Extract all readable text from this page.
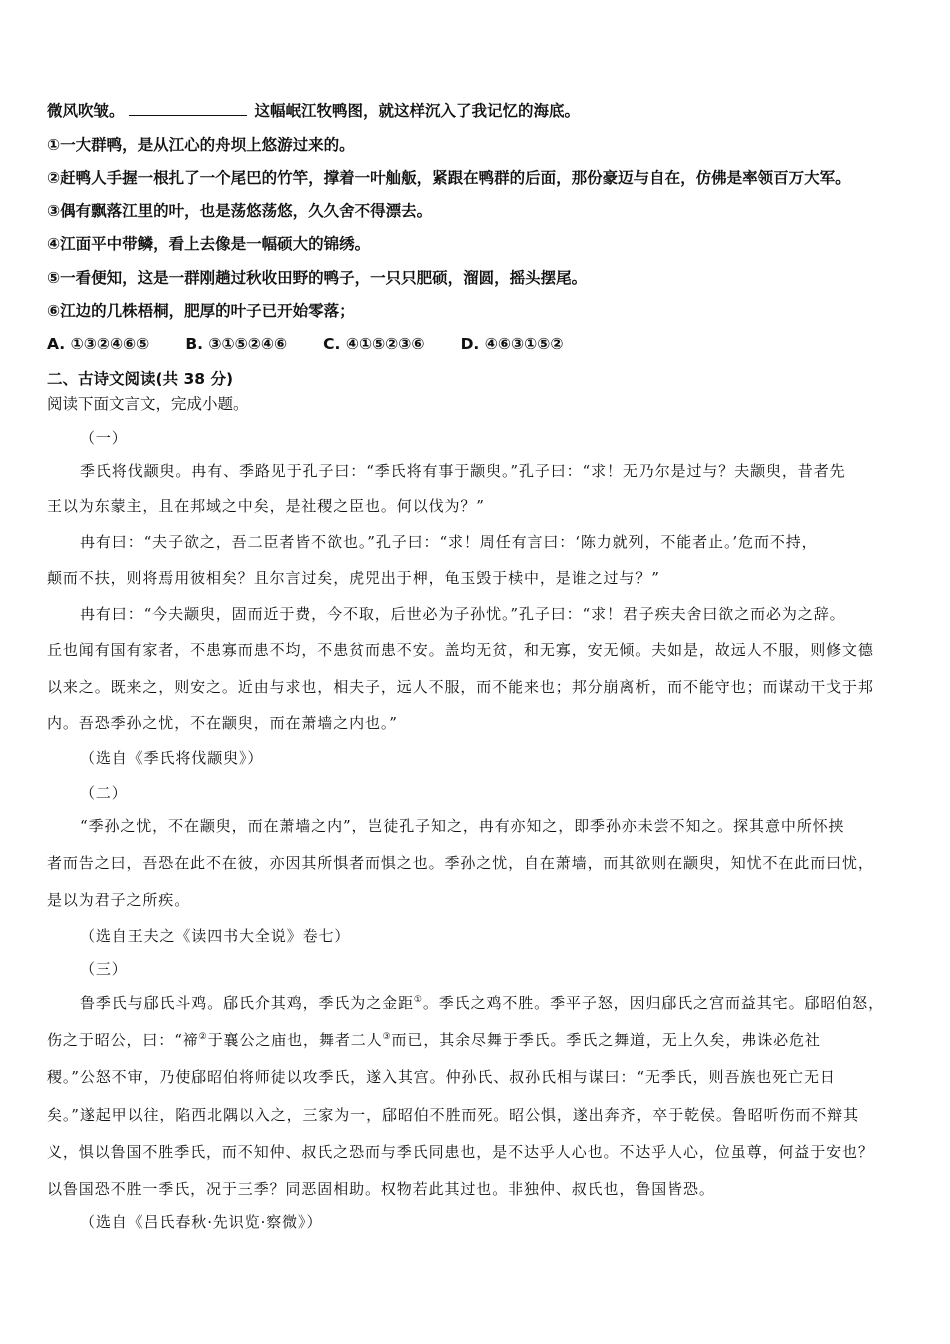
微风吹皱。	这幅岷江牧鸭图，就这样沉入了我记忆的海底。
①一大群鸭，是从江心的舟坝上悠游过来的。
②赶鸭人手握一根扎了一个尾巴的竹竿，撑着一叶舢舨，紧跟在鸭群的后面，那份豪迈与自在，仿佛是率领百万大军。
③偶有飘落江里的叶，也是荡悠荡悠，久久舍不得漂去。
④江面平中带鳞，看上去像是一幅硕大的锦绣。
⑤一看便知，这是一群刚趟过秋收田野的鸭子，一只只肥硕，溜圆，摇头摆尾。
⑥江边的几株梧桐，肥厚的叶子已开始零落；
A. ①③②④⑥⑤ B. ③①⑤②④⑥ C. ④①⑤②③⑥ D. ④⑥③①⑤②
二、古诗文阅读(共 38 分)
阅读下面文言文，完成小题。
（一）
季氏将伐颛臾。冉有、季路见于孔子曰：“季氏将有事于颛臾。”孔子曰：“求！无乃尔是过与？夫颛臾，昔者先
王以为东蒙主，且在邦域之中矣，是社稷之臣也。何以伐为？”
冉有曰：“夫子欲之，吾二臣者皆不欲也。”孔子曰：“求！周任有言曰：‘陈力就列，不能者止。’危而不持，
颠而不扶，则将焉用彼相矣？且尔言过矣，虎兕出于柙，龟玉毁于椟中，是谁之过与？”
冉有曰：“今夫颛臾，固而近于费，今不取，后世必为子孙忧。”孔子曰：“求！君子疾夫舍曰欲之而必为之辞。
丘也闻有国有家者，不患寡而患不均，不患贫而患不安。盖均无贫，和无寡，安无倾。夫如是，故远人不服，则修文德
以来之。既来之，则安之。近由与求也，相夫子，远人不服，而不能来也；邦分崩离析，而不能守也；而谋动干戈于邦
内。吾恐季孙之忧，不在颛臾，而在萧墙之内也。”
（选自《季氏将伐颛臾》）
（二）
“季孙之忧，不在颛臾，而在萧墙之内”，岂徒孔子知之，冉有亦知之，即季孙亦未尝不知之。探其意中所怀挟
者而告之曰，吾恐在此不在彼，亦因其所惧者而惧之也。季孙之忧，自在萧墙，而其欲则在颛臾，知忧不在此而曰忧，
是以为君子之所疾。
（选自王夫之《读四书大全说》卷七）
（三）
鲁季氏与郈氏斗鸡。郈氏介其鸡，季氏为之金距①。季氏之鸡不胜。季平子怒，因归郈氏之宫而益其宅。郈昭伯怒，
伤之于昭公，曰：“禘②于襄公之庙也，舞者二人③而已，其余尽舞于季氏。季氏之舞道，无上久矣，弗诛必危社
稷。”公怒不审，乃使郈昭伯将师徒以攻季氏，遂入其宫。仲孙氏、叔孙氏相与谋曰：“无季氏，则吾族也死亡无日
矣。”遂起甲以往，陷西北隅以入之，三家为一，郈昭伯不胜而死。昭公惧，遂出奔齐，卒于乾侯。鲁昭听伤而不辩其
义，惧以鲁国不胜季氏，而不知仲、叔氏之恐而与季氏同患也，是不达乎人心也。不达乎人心，位虽尊，何益于安也？
以鲁国恐不胜一季氏，况于三季？同恶固相助。权物若此其过也。非独仲、叔氏也，鲁国皆恐。
（选自《吕氏春秋·先识览·察微》）
